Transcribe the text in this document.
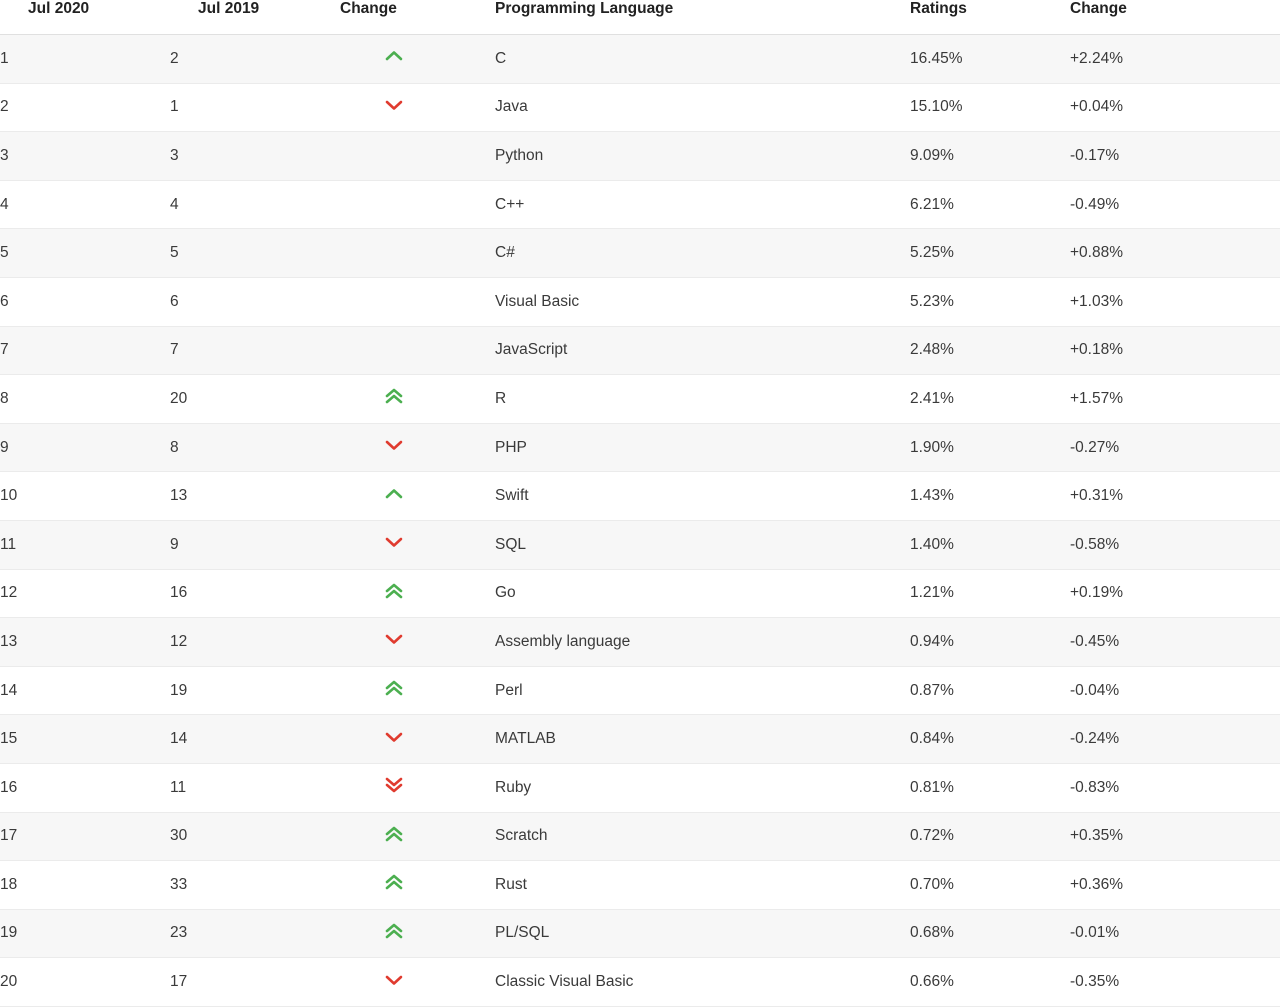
Jul 2020	Jul 2019	Change	Programming Language	Ratings	Change
1	2		C	16.45%	+2.24%
2	1		Java	15.10%	+0.04%
3	3		Python	9.09%	-0.17%
4	4		C++	6.21%	-0.49%
5	5		C#	5.25%	+0.88%
6	6		Visual Basic	5.23%	+1.03%
7	7		JavaScript	2.48%	+0.18%
8	20		R	2.41%	+1.57%
9	8		PHP	1.90%	-0.27%
10	13		Swift	1.43%	+0.31%
11	9		SQL	1.40%	-0.58%
12	16		Go	1.21%	+0.19%
13	12		Assembly language	0.94%	-0.45%
14	19		Perl	0.87%	-0.04%
15	14		MATLAB	0.84%	-0.24%
16	11		Ruby	0.81%	-0.83%
17	30		Scratch	0.72%	+0.35%
18	33		Rust	0.70%	+0.36%
19	23		PL/SQL	0.68%	-0.01%
20	17		Classic Visual Basic	0.66%	-0.35%
